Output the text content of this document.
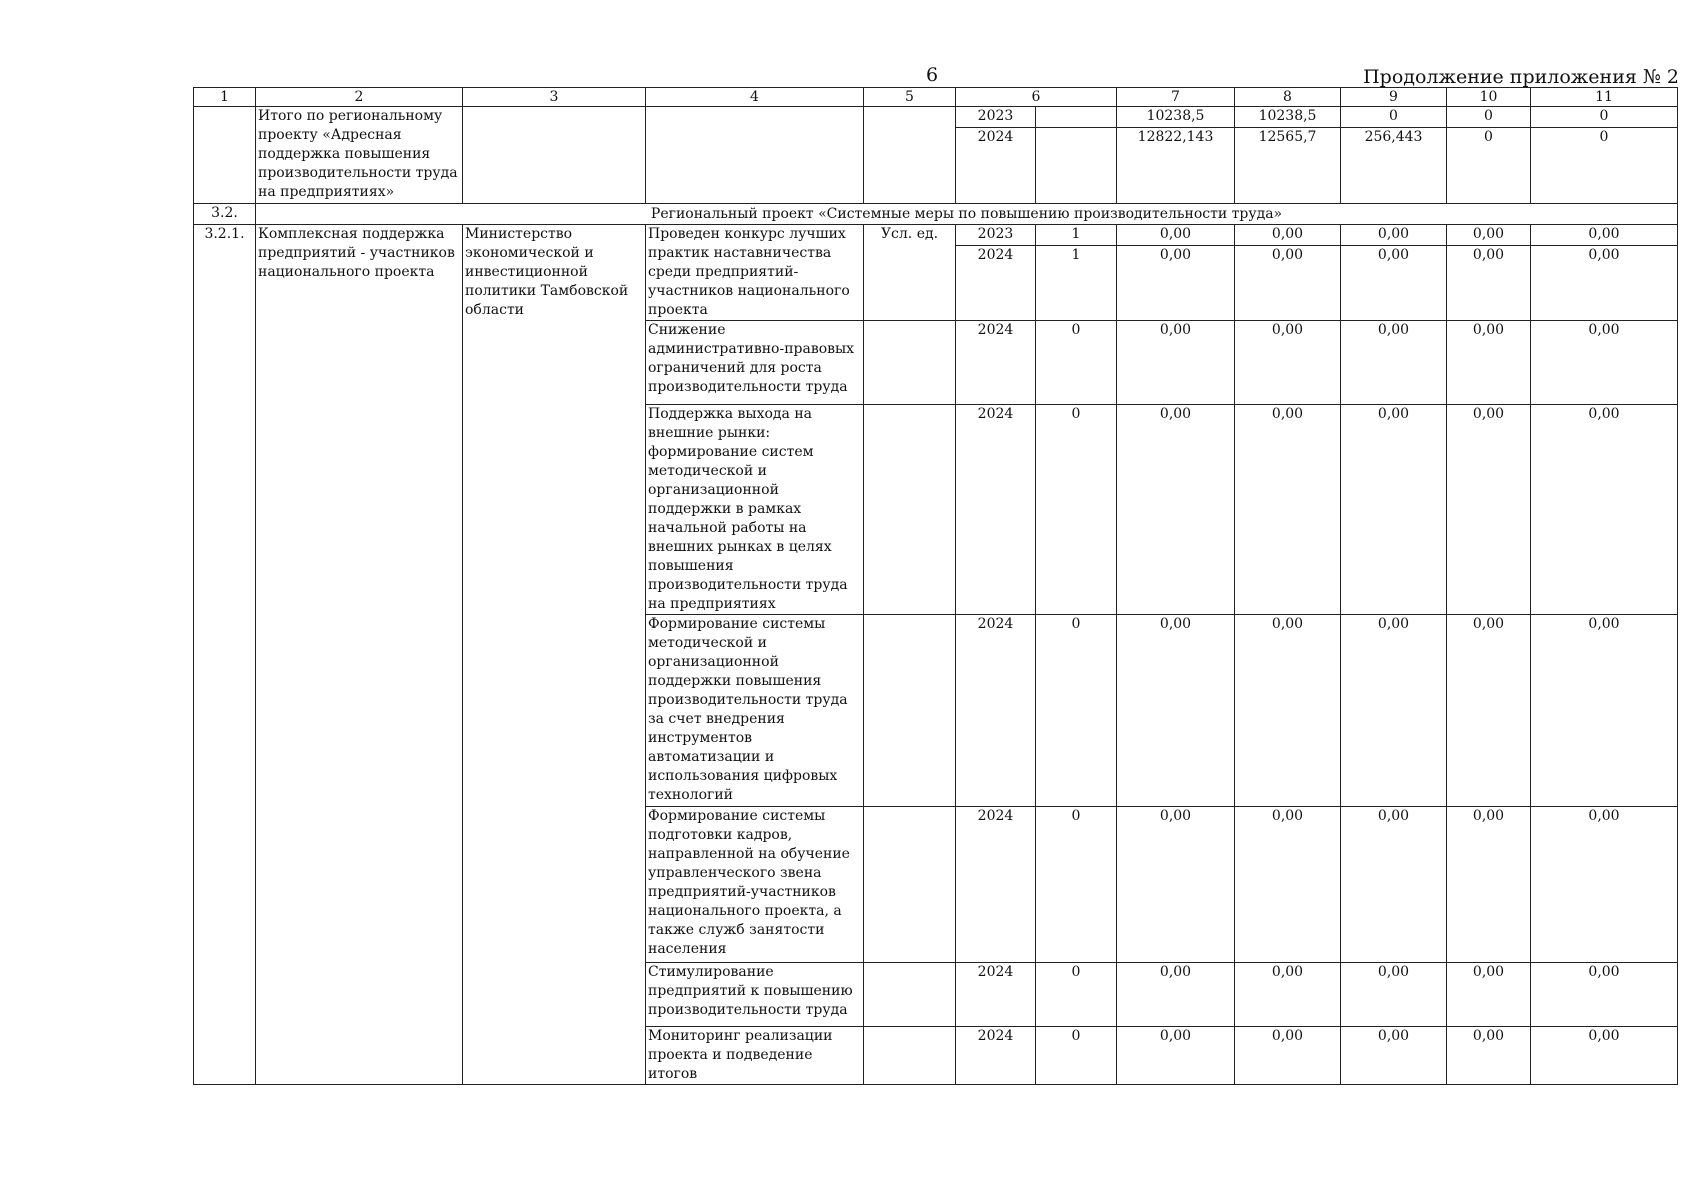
6	Продолжение приложения № 2
1	2	3	4	5	6		7	8	9	10	11
	Итого по региональному проекту «Адресная поддержка повышения производительности труда на предприятиях»				2023		10238,5	10238,5	0	0	0
					2024		12822,143	12565,7	256,443	0	0
3.2.	Региональный проект «Системные меры по повышению производительности труда»										
3.2.1.	Комплексная поддержка предприятий - участников национального проекта	Министерство экономической и инвестиционной политики Тамбовской области	Проведен конкурс лучших практик наставничества среди предприятий-участников национального проекта	Усл. ед.	2023	1	0,00	0,00	0,00	0,00	0,00
					2024	1	0,00	0,00	0,00	0,00	0,00
			Снижение административно-правовых ограничений для роста производительности труда		2024	0	0,00	0,00	0,00	0,00	0,00
			Поддержка выхода на внешние рынки: формирование систем методической и организационной поддержки в рамках начальной работы на внешних рынках в целях повышения производительности труда на предприятиях		2024	0	0,00	0,00	0,00	0,00	0,00
			Формирование системы методической и организационной поддержки повышения производительности труда за счет внедрения инструментов автоматизации и использования цифровых технологий		2024	0	0,00	0,00	0,00	0,00	0,00
			Формирование системы подготовки кадров, направленной на обучение управленческого звена предприятий-участников национального проекта, а также служб занятости населения		2024	0	0,00	0,00	0,00	0,00	0,00
			Стимулирование предприятий к повышению производительности труда		2024	0	0,00	0,00	0,00	0,00	0,00
			Мониторинг реализации проекта и подведение итогов		2024	0	0,00	0,00	0,00	0,00	0,00
